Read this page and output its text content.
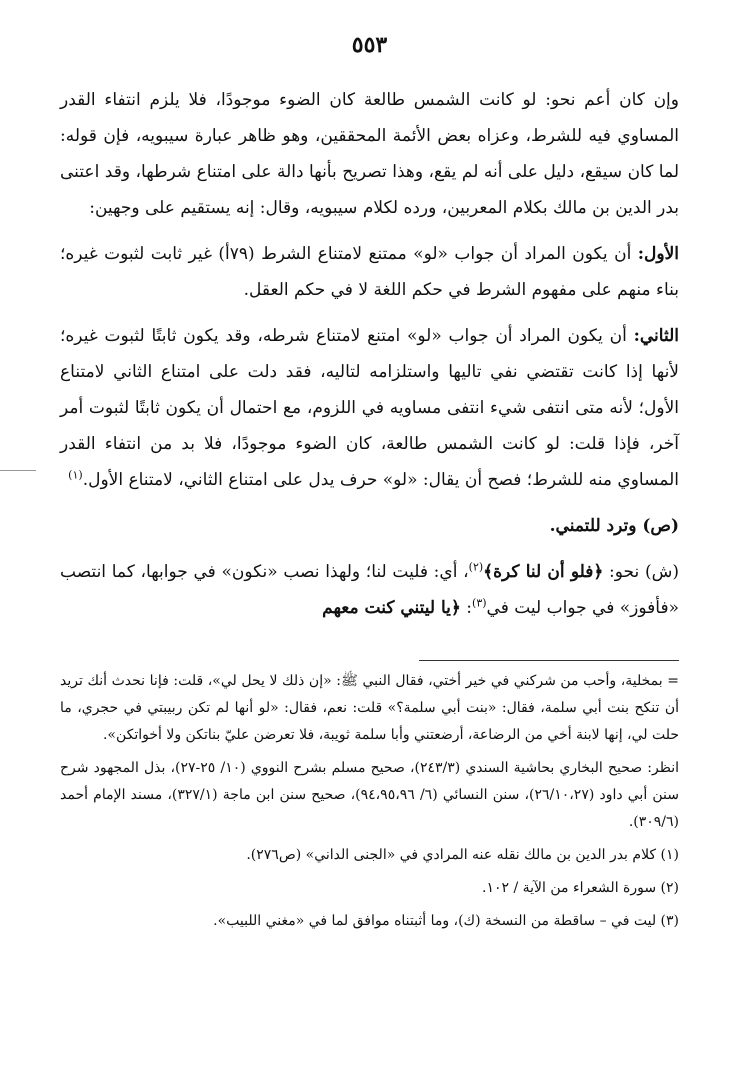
٥٥٣

وإن كان أعم نحو: لو كانت الشمس طالعة كان الضوء موجودًا، فلا يلزم انتفاء القدر المساوي فيه للشرط، وعزاه بعض الأئمة المحققين، وهو ظاهر عبارة سيبويه، فإن قوله: لما كان سيقع، دليل على أنه لم يقع، وهذا تصريح بأنها دالة على امتناع شرطها، وقد اعتنى بدر الدين بن مالك بكلام المعربين، ورده لكلام سيبويه، وقال: إنه يستقيم على وجهين:

الأول: أن يكون المراد أن جواب «لو» ممتنع لامتناع الشرط (٧٩أ) غير ثابت لثبوت غيره؛ بناء منهم على مفهوم الشرط في حكم اللغة لا في حكم العقل.

الثاني: أن يكون المراد أن جواب «لو» امتنع لامتناع شرطه، وقد يكون ثابتًا لثبوت غيره؛ لأنها إذا كانت تقتضي نفي تاليها واستلزامه لتاليه، فقد دلت على امتناع الثاني لامتناع الأول؛ لأنه متى انتفى شيء انتفى مساويه في اللزوم، مع احتمال أن يكون ثابتًا لثبوت أمر آخر، فإذا قلت: لو كانت الشمس طالعة، كان الضوء موجودًا، فلا بد من انتفاء القدر المساوي منه للشرط؛ فصح أن يقال: «لو» حرف يدل على امتناع الثاني، لامتناع الأول.$^{(١)}$

(ص) وترد للتمني.

(ش) نحو: ﴿فلو أن لنا كرة﴾$^{(٢)}$، أي: فليت لنا؛ ولهذا نصب «نكون» في جوابها، كما انتصب «فأفوز» في جواب ليت في$^{(٣)}$: ﴿يا ليتني كنت معهم

= بمخلية، وأحب من شركني في خير أختي، فقال النبي ﷺ: «إن ذلك لا يحل لي»، قلت: فإنا نحدث أنك تريد أن تنكح بنت أبي سلمة، فقال: «بنت أبي سلمة؟» قلت: نعم، فقال: «لو أنها لم تكن ربيبتي في حجري، ما حلت لي، إنها لابنة أخي من الرضاعة، أرضعتني وأبا سلمة ثويبة، فلا تعرضن عليّ بناتكن ولا أخواتكن».

انظر: صحيح البخاري بحاشية السندي (٢٤٣/٣)، صحيح مسلم بشرح النووي (١٠/ ٢٥-٢٧)، بذل المجهود شرح سنن أبي داود (٢٦/١٠،٢٧)، سنن النسائي (٦/ ٩٤،٩٥،٩٦)، صحيح سنن ابن ماجة (٣٢٧/١)، مسند الإمام أحمد (٣٠٩/٦).

(١) كلام بدر الدين بن مالك نقله عنه المرادي في «الجنى الداني» (ص٢٧٦).

(٢) سورة الشعراء من الآية / ١٠٢.

(٣) ليت في – ساقطة من النسخة (ك)، وما أثبتناه موافق لما في «مغني اللبيب».
